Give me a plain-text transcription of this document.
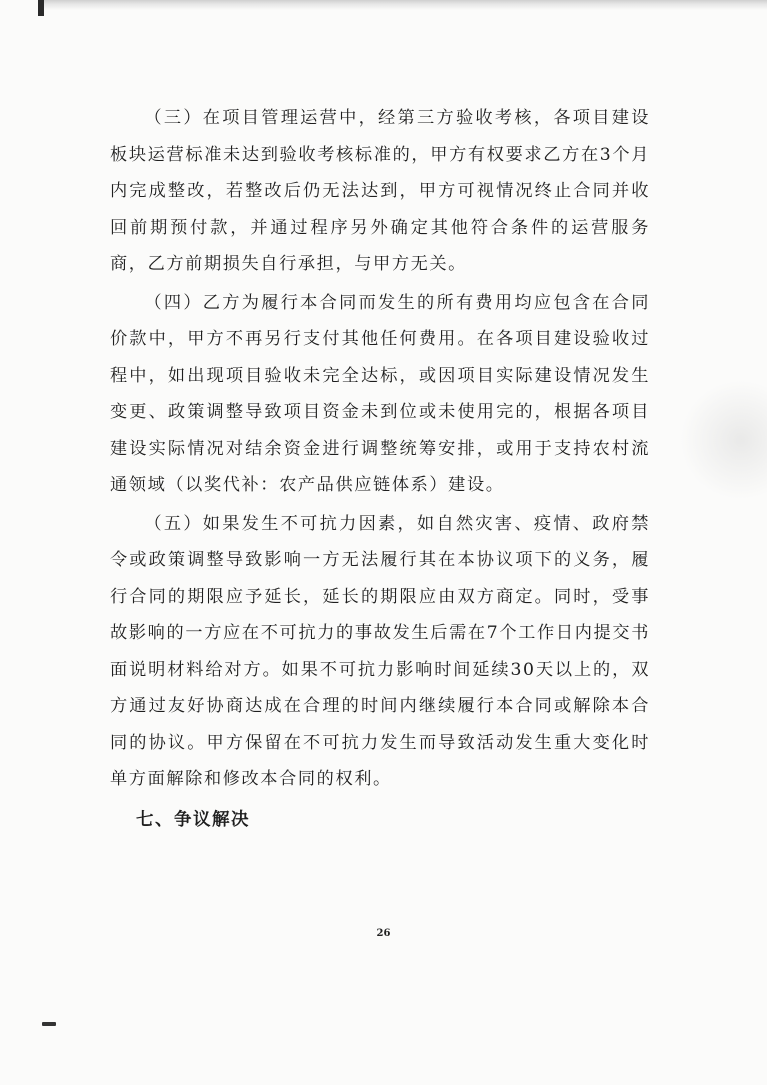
（三）在项目管理运营中，经第三方验收考核，各项目建设板块运营标准未达到验收考核标准的，甲方有权要求乙方在3个月内完成整改，若整改后仍无法达到，甲方可视情况终止合同并收回前期预付款，并通过程序另外确定其他符合条件的运营服务商，乙方前期损失自行承担，与甲方无关。

（四）乙方为履行本合同而发生的所有费用均应包含在合同价款中，甲方不再另行支付其他任何费用。在各项目建设验收过程中，如出现项目验收未完全达标，或因项目实际建设情况发生变更、政策调整导致项目资金未到位或未使用完的，根据各项目建设实际情况对结余资金进行调整统筹安排，或用于支持农村流通领域（以奖代补：农产品供应链体系）建设。

（五）如果发生不可抗力因素，如自然灾害、疫情、政府禁令或政策调整导致影响一方无法履行其在本协议项下的义务，履行合同的期限应予延长，延长的期限应由双方商定。同时，受事故影响的一方应在不可抗力的事故发生后需在7个工作日内提交书面说明材料给对方。如果不可抗力影响时间延续30天以上的，双方通过友好协商达成在合理的时间内继续履行本合同或解除本合同的协议。甲方保留在不可抗力发生而导致活动发生重大变化时单方面解除和修改本合同的权利。

七、争议解决
26
